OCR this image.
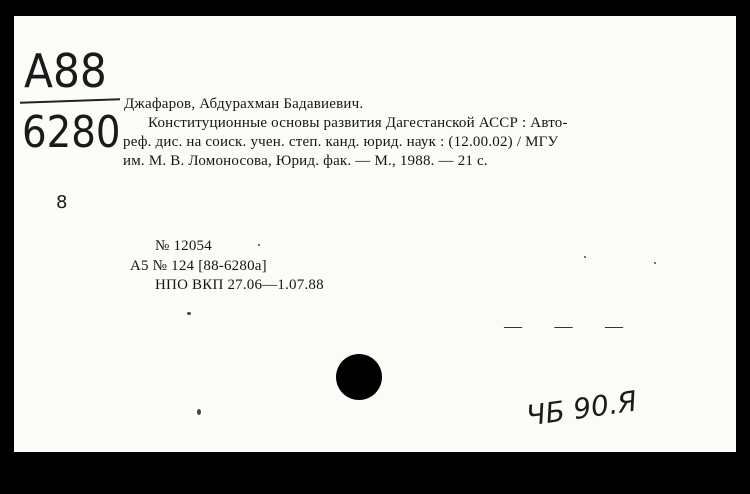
A88
6280
Джафаров, Абдурахман Бадавиевич.
Конституционные основы развития Дагестанской АССР : Авто-
реф. дис. на соиск. учен. степ. канд. юрид. наук : (12.00.02) / МГУ
им. М. В. Ломоносова, Юрид. фак. — М., 1988. — 21 с.
8
№ 12054
А5 № 124 [88-6280а]
НПО ВКП 27.06—1.07.88
— — —
ЧБ 90.Я
